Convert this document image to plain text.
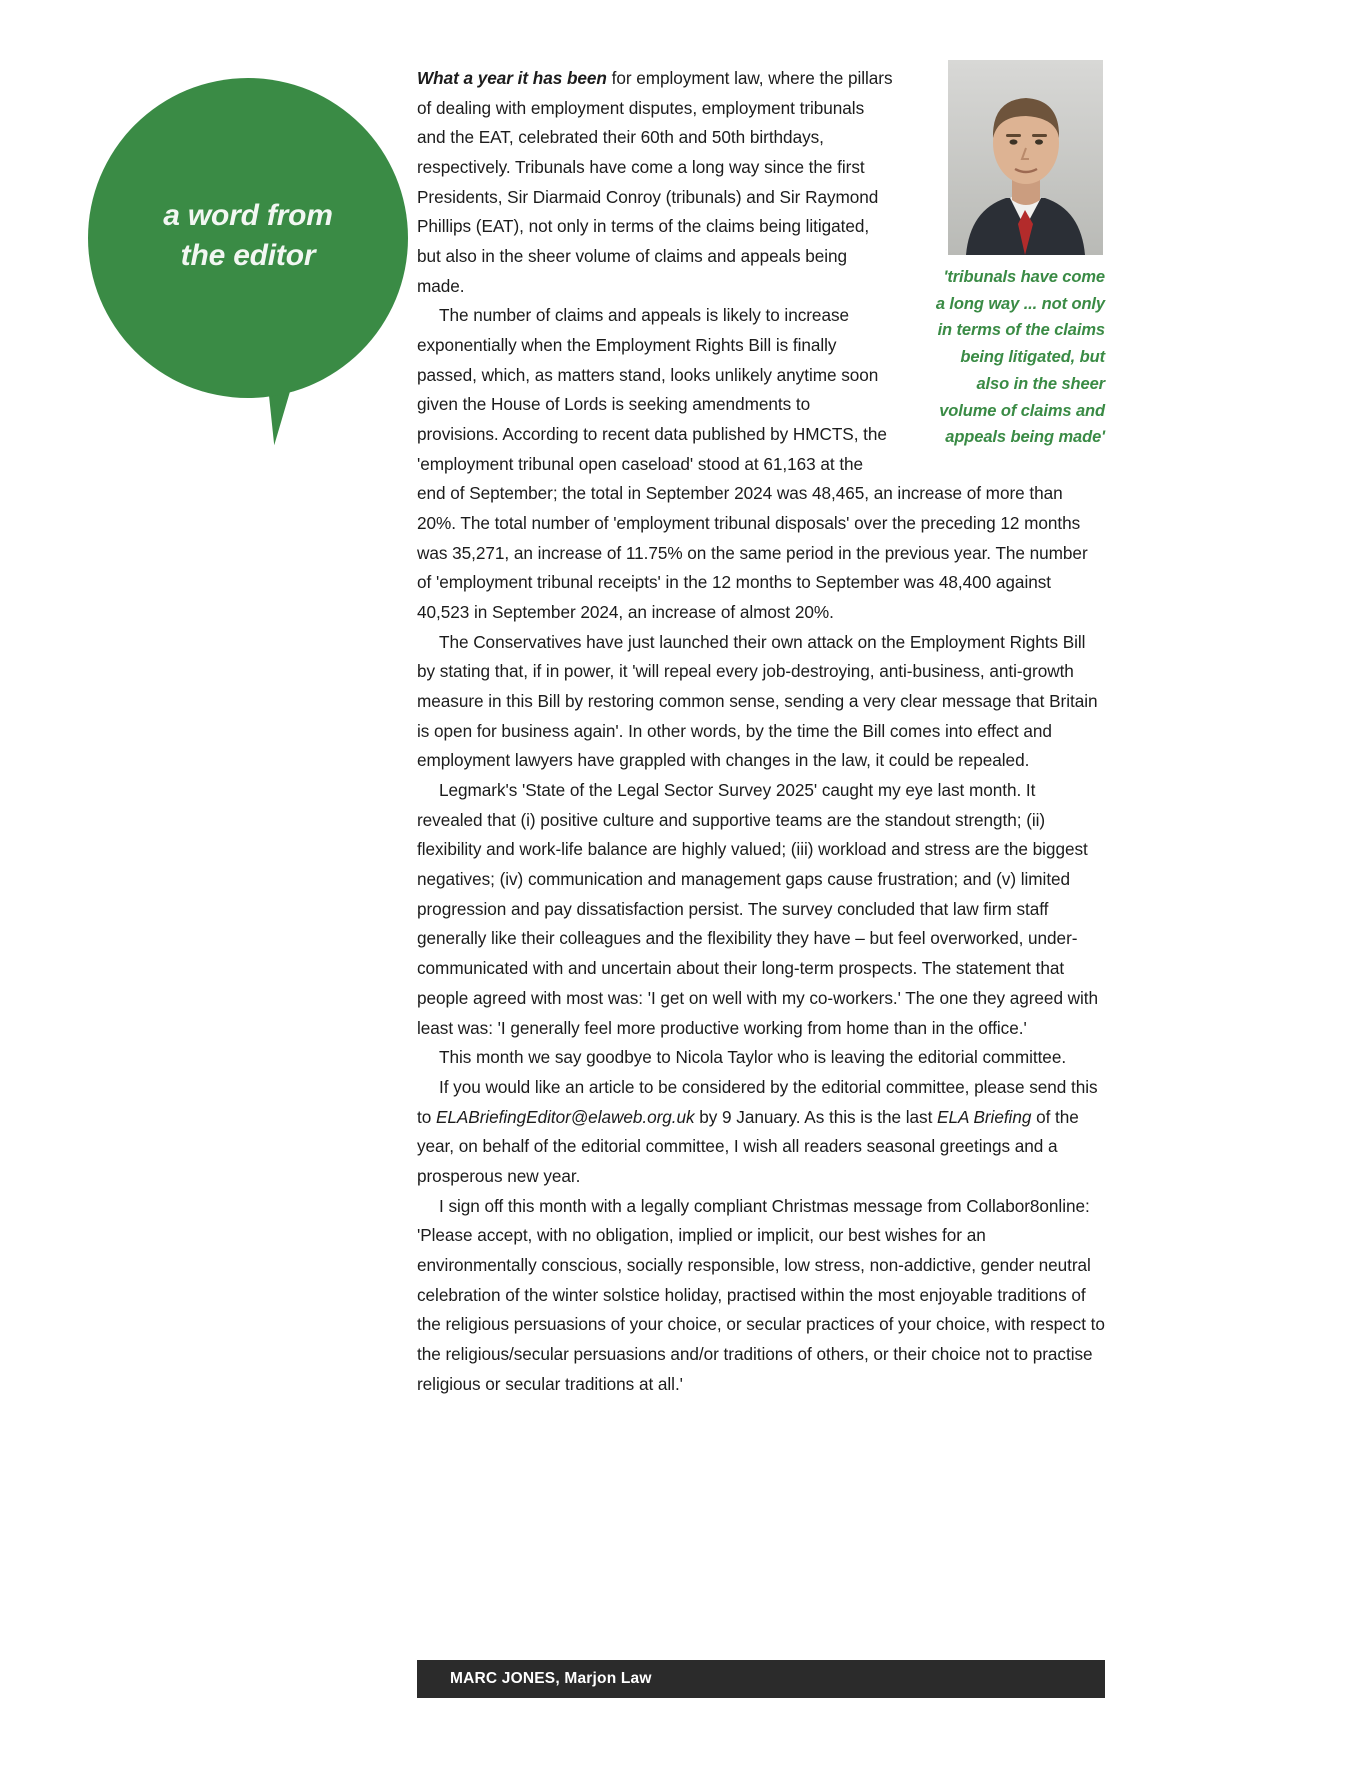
a word from
the editor
'tribunals have come
a long way ... not only
in terms of the claims
being litigated, but
also in the sheer
volume of claims and
appeals being made'

What a year it has been for employment law, where the pillars of dealing with employment disputes, employment tribunals and the EAT, celebrated their 60th and 50th birthdays, respectively. Tribunals have come a long way since the first Presidents, Sir Diarmaid Conroy (tribunals) and Sir Raymond Phillips (EAT), not only in terms of the claims being litigated, but also in the sheer volume of claims and appeals being made.

The number of claims and appeals is likely to increase exponentially when the Employment Rights Bill is finally passed, which, as matters stand, looks unlikely anytime soon given the House of Lords is seeking amendments to provisions. According to recent data published by HMCTS, the 'employment tribunal open caseload' stood at 61,163 at the end of September; the total in September 2024 was 48,465, an increase of more than 20%. The total number of 'employment tribunal disposals' over the preceding 12 months was 35,271, an increase of 11.75% on the same period in the previous year. The number of 'employment tribunal receipts' in the 12 months to September was 48,400 against 40,523 in September 2024, an increase of almost 20%.

The Conservatives have just launched their own attack on the Employment Rights Bill by stating that, if in power, it 'will repeal every job-destroying, anti-business, anti-growth measure in this Bill by restoring common sense, sending a very clear message that Britain is open for business again'. In other words, by the time the Bill comes into effect and employment lawyers have grappled with changes in the law, it could be repealed.

Legmark's 'State of the Legal Sector Survey 2025' caught my eye last month. It revealed that (i) positive culture and supportive teams are the standout strength; (ii) flexibility and work-life balance are highly valued; (iii) workload and stress are the biggest negatives; (iv) communication and management gaps cause frustration; and (v) limited progression and pay dissatisfaction persist. The survey concluded that law firm staff generally like their colleagues and the flexibility they have – but feel overworked, under-communicated with and uncertain about their long-term prospects. The statement that people agreed with most was: 'I get on well with my co-workers.' The one they agreed with least was: 'I generally feel more productive working from home than in the office.'

This month we say goodbye to Nicola Taylor who is leaving the editorial committee.

If you would like an article to be considered by the editorial committee, please send this to ELABriefingEditor@elaweb.org.uk by 9 January. As this is the last ELA Briefing of the year, on behalf of the editorial committee, I wish all readers seasonal greetings and a prosperous new year.

I sign off this month with a legally compliant Christmas message from Collabor8online: 'Please accept, with no obligation, implied or implicit, our best wishes for an environmentally conscious, socially responsible, low stress, non-addictive, gender neutral celebration of the winter solstice holiday, practised within the most enjoyable traditions of the religious persuasions of your choice, or secular practices of your choice, with respect to the religious/secular persuasions and/or traditions of others, or their choice not to practise religious or secular traditions at all.'

MARC JONES, Marjon Law
